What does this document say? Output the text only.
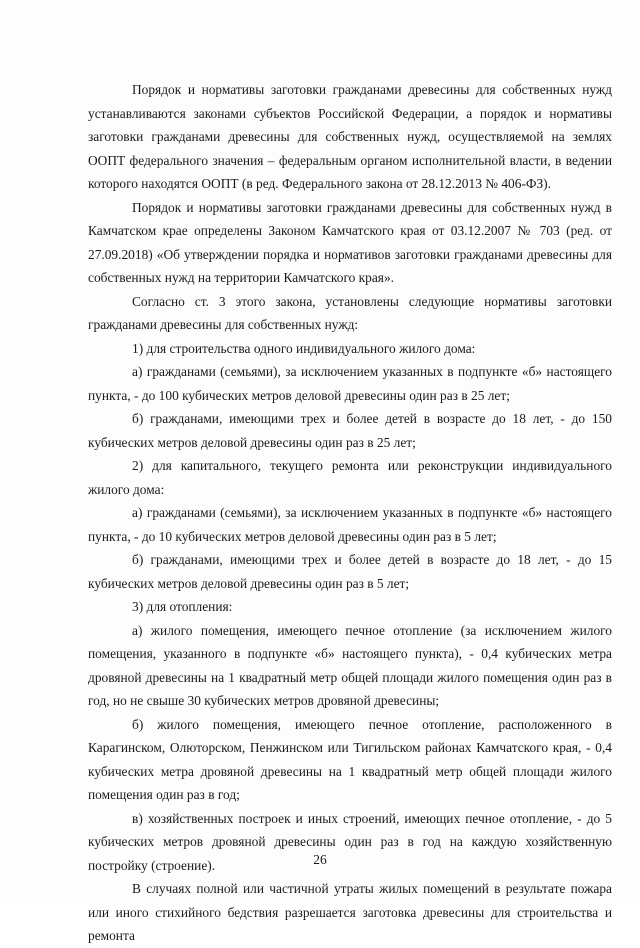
Порядок и нормативы заготовки гражданами древесины для собственных нужд устанавливаются законами субъектов Российской Федерации, а порядок и нормативы заготовки гражданами древесины для собственных нужд, осуществляемой на землях ООПТ федерального значения – федеральным органом исполнительной власти, в ведении которого находятся ООПТ (в ред. Федерального закона от 28.12.2013 № 406-ФЗ).

Порядок и нормативы заготовки гражданами древесины для собственных нужд в Камчатском крае определены Законом Камчатского края от 03.12.2007 № 703 (ред. от 27.09.2018) «Об утверждении порядка и нормативов заготовки гражданами древесины для собственных нужд на территории Камчатского края».

Согласно ст. 3 этого закона, установлены следующие нормативы заготовки гражданами древесины для собственных нужд:

1) для строительства одного индивидуального жилого дома:

а) гражданами (семьями), за исключением указанных в подпункте «б» настоящего пункта, - до 100 кубических метров деловой древесины один раз в 25 лет;

б) гражданами, имеющими трех и более детей в возрасте до 18 лет, - до 150 кубических метров деловой древесины один раз в 25 лет;

2) для капитального, текущего ремонта или реконструкции индивидуального жилого дома:

а) гражданами (семьями), за исключением указанных в подпункте «б» настоящего пункта, - до 10 кубических метров деловой древесины один раз в 5 лет;

б) гражданами, имеющими трех и более детей в возрасте до 18 лет, - до 15 кубических метров деловой древесины один раз в 5 лет;

3) для отопления:

а) жилого помещения, имеющего печное отопление (за исключением жилого помещения, указанного в подпункте «б» настоящего пункта), - 0,4 кубических метра дровяной древесины на 1 квадратный метр общей площади жилого помещения один раз в год, но не свыше 30 кубических метров дровяной древесины;

б) жилого помещения, имеющего печное отопление, расположенного в Карагинском, Олюторском, Пенжинском или Тигильском районах Камчатского края, - 0,4 кубических метра дровяной древесины на 1 квадратный метр общей площади жилого помещения один раз в год;

в) хозяйственных построек и иных строений, имеющих печное отопление, - до 5 кубических метров дровяной древесины один раз в год на каждую хозяйственную постройку (строение).

В случаях полной или частичной утраты жилых помещений в результате пожара или иного стихийного бедствия разрешается заготовка древесины для строительства и ремонта

26
